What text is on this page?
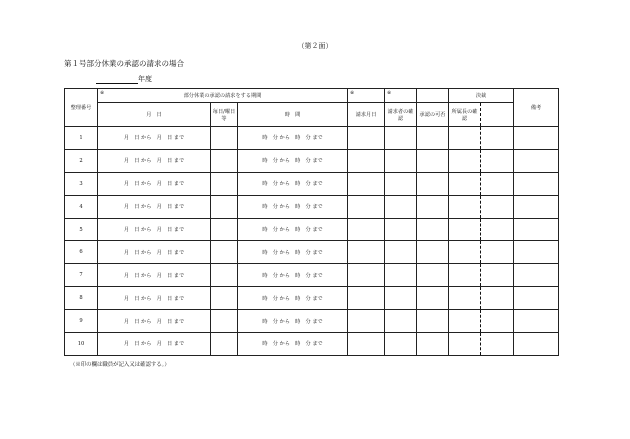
（第２面）
第１号部分休業の承認の請求の場合
年度
整理番号	※ 部分休業の承認の請求をする期間			※	※		決裁		備考
	月　日	毎日/曜日等	時　間	請求月日	請求者の確認	承認の可否	所属長の確認		
1	月　日 から　月　日 まで		時　分 から　時　分 まで						
2	月　日 から　月　日 まで		時　分 から　時　分 まで						
3	月　日 から　月　日 まで		時　分 から　時　分 まで						
4	月　日 から　月　日 まで		時　分 から　時　分 まで						
5	月　日 から　月　日 まで		時　分 から　時　分 まで						
6	月　日 から　月　日 まで		時　分 から　時　分 まで						
7	月　日 から　月　日 まで		時　分 から　時　分 まで						
8	月　日 から　月　日 まで		時　分 から　時　分 まで						
9	月　日 から　月　日 まで		時　分 から　時　分 まで						
10	月　日 から　月　日 まで		時　分 から　時　分 まで						
（※印の欄は職員が記入又は確認する。）
